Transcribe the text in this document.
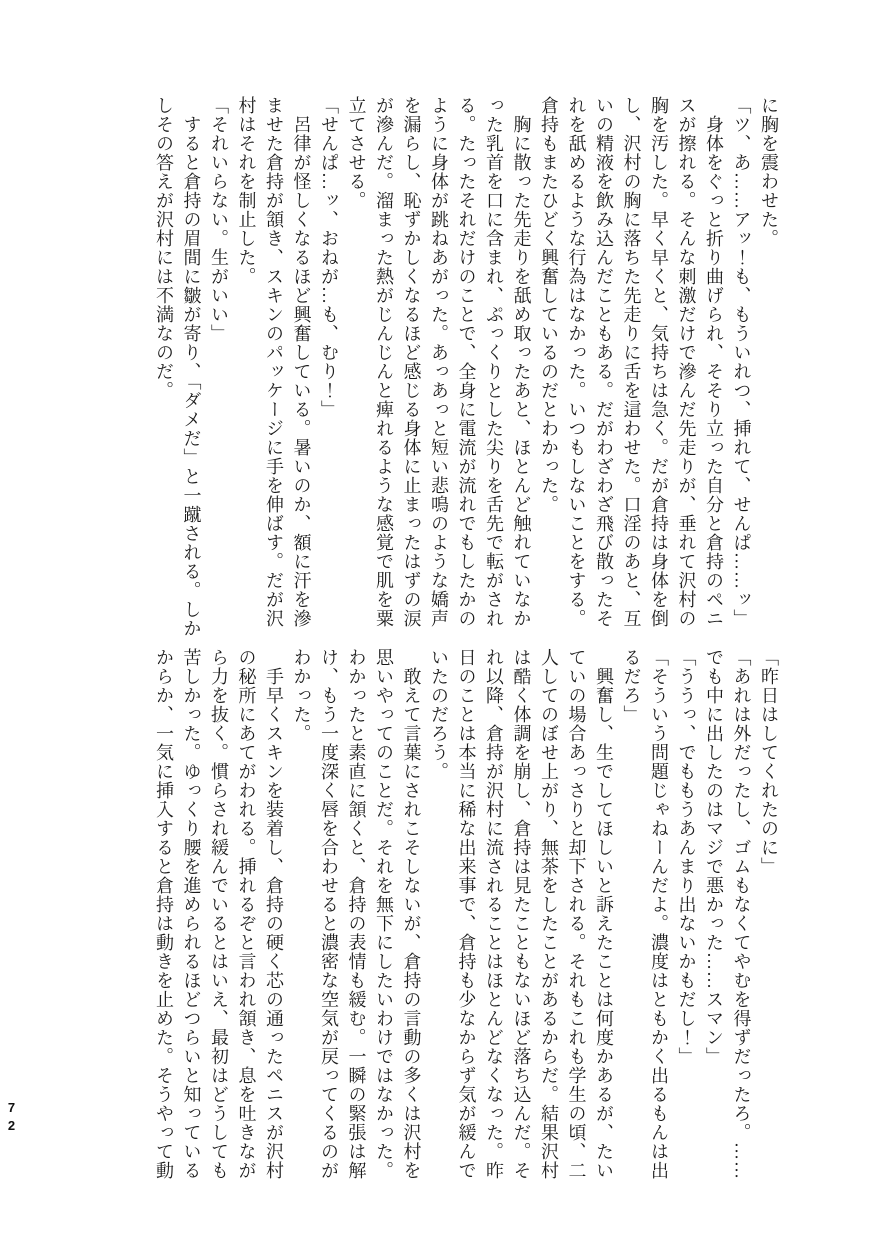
に胸を震わせた。

「ツ、あ……アッ！も、もういれつ、挿れて、せんぱ……ッ」

　身体をぐっと折り曲げられ、そそり立った自分と倉持のペニ

スが擦れる。そんな刺激だけで滲んだ先走りが、垂れて沢村の

胸を汚した。早く早くと、気持ちは急く。だが倉持は身体を倒

し、沢村の胸に落ちた先走りに舌を這わせた。口淫のあと、互

いの精液を飲み込んだこともある。だがわざわざ飛び散ったそ

れを舐めるような行為はなかった。いつもしないことをする。

倉持もまたひどく興奮しているのだとわかった。

　胸に散った先走りを舐め取ったあと、ほとんど触れていなか

った乳首を口に含まれ、ぷっくりとした尖りを舌先で転がされ

る。たったそれだけのことで、全身に電流が流れでもしたかの

ように身体が跳ねあがった。あっあっと短い悲鳴のような嬌声

を漏らし、恥ずかしくなるほど感じる身体に止まったはずの涙

が滲んだ。溜まった熱がじんじんと痺れるような感覚で肌を粟

立てさせる。

「せんぱ…ッ、おねが…も、むり！」

　呂律が怪しくなるほど興奮している。暑いのか、額に汗を滲

ませた倉持が頷き、スキンのパッケージに手を伸ばす。だが沢

村はそれを制止した。

「それいらない。生がいい」

　すると倉持の眉間に皺が寄り、「ダメだ」と一蹴される。しか

しその答えが沢村には不満なのだ。

「昨日はしてくれたのに」

「あれは外だったし、ゴムもなくてやむを得ずだったろ。……

でも中に出したのはマジで悪かった……スマン」

「ううっ、でももうあんまり出ないかもだし！」

「そういう問題じゃねーんだよ。濃度はともかく出るもんは出

るだろ」

　興奮し、生でしてほしいと訴えたことは何度かあるが、たい

ていの場合あっさりと却下される。それもこれも学生の頃、二

人してのぼせ上がり、無茶をしたことがあるからだ。結果沢村

は酷く体調を崩し、倉持は見たこともないほど落ち込んだ。そ

れ以降、倉持が沢村に流されることはほとんどなくなった。昨

日のことは本当に稀な出来事で、倉持も少なからず気が緩んで

いたのだろう。

　敢えて言葉にされこそしないが、倉持の言動の多くは沢村を

思いやってのことだ。それを無下にしたいわけではなかった。

わかったと素直に頷くと、倉持の表情も緩む。一瞬の緊張は解

け、もう一度深く唇を合わせると濃密な空気が戻ってくるのが

わかった。

　手早くスキンを装着し、倉持の硬く芯の通ったペニスが沢村

の秘所にあてがわれる。挿れるぞと言われ頷き、息を吐きなが

ら力を抜く。慣らされ緩んでいるとはいえ、最初はどうしても

苦しかった。ゆっくり腰を進められるほどつらいと知っている

からか、一気に挿入すると倉持は動きを止めた。そうやって動

72
